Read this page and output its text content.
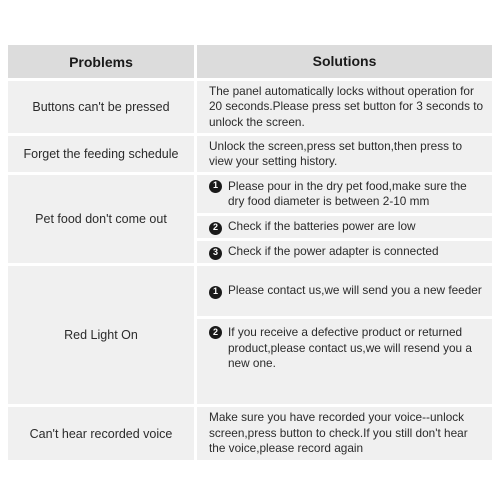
Problems	Solutions
Buttons can't be pressed
The panel automatically locks without operation for 20 seconds.Please press set button for 3 seconds to unlock the screen.
Forget the feeding schedule
Unlock the screen,press set button,then press to view your setting history.
Pet food don't come out
1 Please pour in the dry pet food,make sure the dry food diameter is between 2-10 mm
2 Check if the batteries power are low
3 Check if the power adapter is connected
Red Light On
1 Please contact us,we will send you a new feeder
2 If you receive a defective product or returned product,please contact us,we will resend you a new one.
Can't hear recorded voice
Make sure you have recorded your voice--unlock screen,press button to check.If you still don't hear the voice,please record again
